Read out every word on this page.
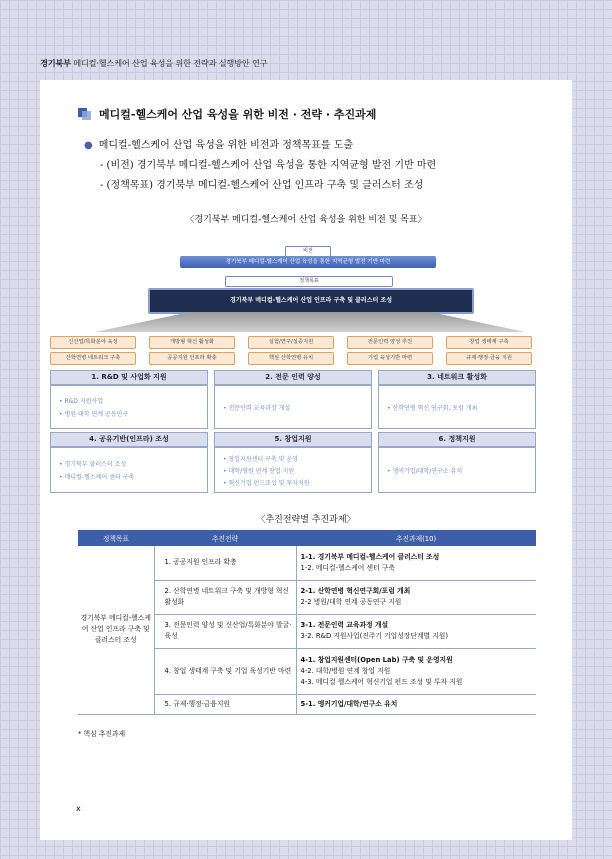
경기북부 메디컬·헬스케어 산업 육성을 위한 전략과 실행방안 연구
메디컬-헬스케어 산업 육성을 위한 비전 · 전략 · 추진과제
● 메디컬-헬스케어 산업 육성을 위한 비전과 정책목표를 도출
- (비전) 경기북부 메디컬-헬스케어 산업 육성을 통한 지역균형 발전 기반 마련
- (정책목표) 경기북부 메디컬-헬스케어 산업 인프라 구축 및 클러스터 조성
〈경기북부 메디컬-헬스케어 산업 육성을 위한 비전 및 목표〉
비전
경기북부 메디컬-헬스케어 산업 육성을 통한 지역균형 발전 기반 마련
정책목표
경기북부 메디컬-헬스케어 산업 인프라 구축 및 클러스터 조성
신산업/특화분야 육성	개방형 혁신 활성화	실험/연구/실증지원	전문인력 양성 추진	창업 생태계 구축
산학연병 네트워크 구축	공공지원 인프라 확충	핵심 산학연병 유치	기업 육성기반 마련	규제·행정·금융 지원
1. R&D 및 사업화 지원
• R&D 지원사업
• 병원·대학 연계 공동연구
2. 전문 인력 양성
• 전문인력 교육과정 개설
3. 네트워크 활성화
• 산학연병 혁신 연구회, 포럼 개최
4. 공유기반(인프라) 조성
• 경기북부 클러스터 조성
• 메디컬-헬스케어 센터 구축
5. 창업지원
• 창업지원센터 구축 및 운영
• 대학/병원 연계 창업 지원
• 혁신기업 펀드조성 및 투자지원
6. 정책지원
• 앵커기업/대학/연구소 유치
〈추진전략별 추진과제〉
정책목표	추진전략	추진과제(10)
경기북부 메디컬-헬스케어 산업 인프라 구축 및 클러스터 조성	1. 공공지원 인프라 확충	1-1. 경기북부 메디컬-헬스케어 클러스터 조성
1-2. 메디컬-헬스케어 센터 구축

	2. 산학연병 네트워크 구축 및 개방형 혁신 활성화	2-1. 산학연병 혁신연구회/포럼 개최
2-2 병원/대학 연계 공동연구 지원

	3. 전문인력 양성 및 신산업/특화분야 발굴·육성	3-1. 전문인력 교육과정 개설
3-2. R&D 지원사업(진주기 기업성장단계별 지원)

	4. 창업 생태계 구축 및 기업 육성기반 마련	4-1. 창업지원센터(Open Lab) 구축 및 운영지원
4-2. 대학/병원 연계 창업 지원
4-3. 메디컬 헬스케어 혁신기업 펀드 조성 및 투자 지원

	5. 규제·행정·금융지원	5-1. 앵커기업/대학/연구소 유치
* 핵심 추진과제
x
